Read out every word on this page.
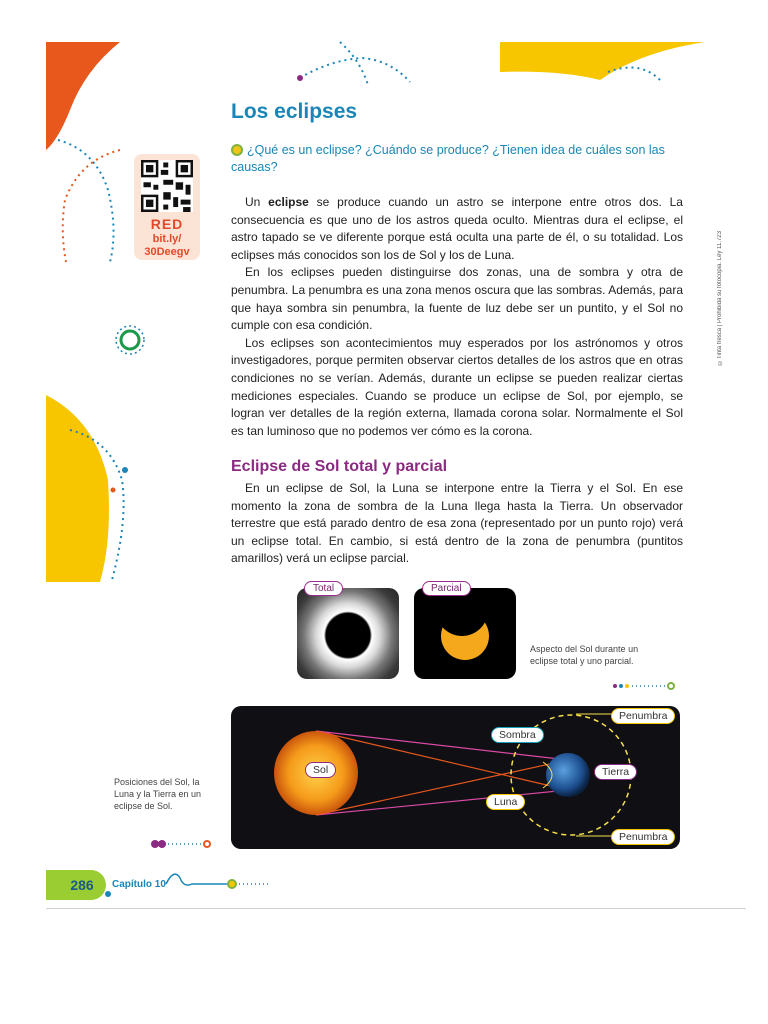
Los eclipses
¿Qué es un eclipse? ¿Cuándo se produce? ¿Tienen idea de cuáles son las causas?
RED
bit.ly/
30Deegv	©Tinta fresca | Prohibida su fotocopia. Ley 11.723

Un eclipse se produce cuando un astro se interpone entre otros dos. La consecuencia es que uno de los astros queda oculto. Mientras dura el eclipse, el astro tapado se ve diferente porque está oculta una parte de él, o su totalidad. Los eclipses más conocidos son los de Sol y los de Luna.

En los eclipses pueden distinguirse dos zonas, una de sombra y otra de penumbra. La penumbra es una zona menos oscura que las sombras. Además, para que haya sombra sin penumbra, la fuente de luz debe ser un puntito, y el Sol no cumple con esa condición.

Los eclipses son acontecimientos muy esperados por los astrónomos y otros investigadores, porque permiten observar ciertos detalles de los astros que en otras condiciones no se verían. Además, durante un eclipse se pueden realizar ciertas mediciones especiales. Cuando se produce un eclipse de Sol, por ejemplo, se logran ver detalles de la región externa, llamada corona solar. Normalmente el Sol es tan luminoso que no podemos ver cómo es la corona.

Eclipse de Sol total y parcial

En un eclipse de Sol, la Luna se interpone entre la Tierra y el Sol. En ese momento la zona de sombra de la Luna llega hasta la Tierra. Un observador terrestre que está parado dentro de esa zona (representado por un punto rojo) verá un eclipse total. En cambio, si está dentro de la zona de penumbra (puntitos amarillos) verá un eclipse parcial.

Total	Parcial
Aspecto del Sol durante un eclipse total y uno parcial.
Sol
Sombra
Luna
Tierra
Penumbra
Penumbra
Posiciones del Sol, la Luna y la Tierra en un eclipse de Sol.
286	Capítulo 10
